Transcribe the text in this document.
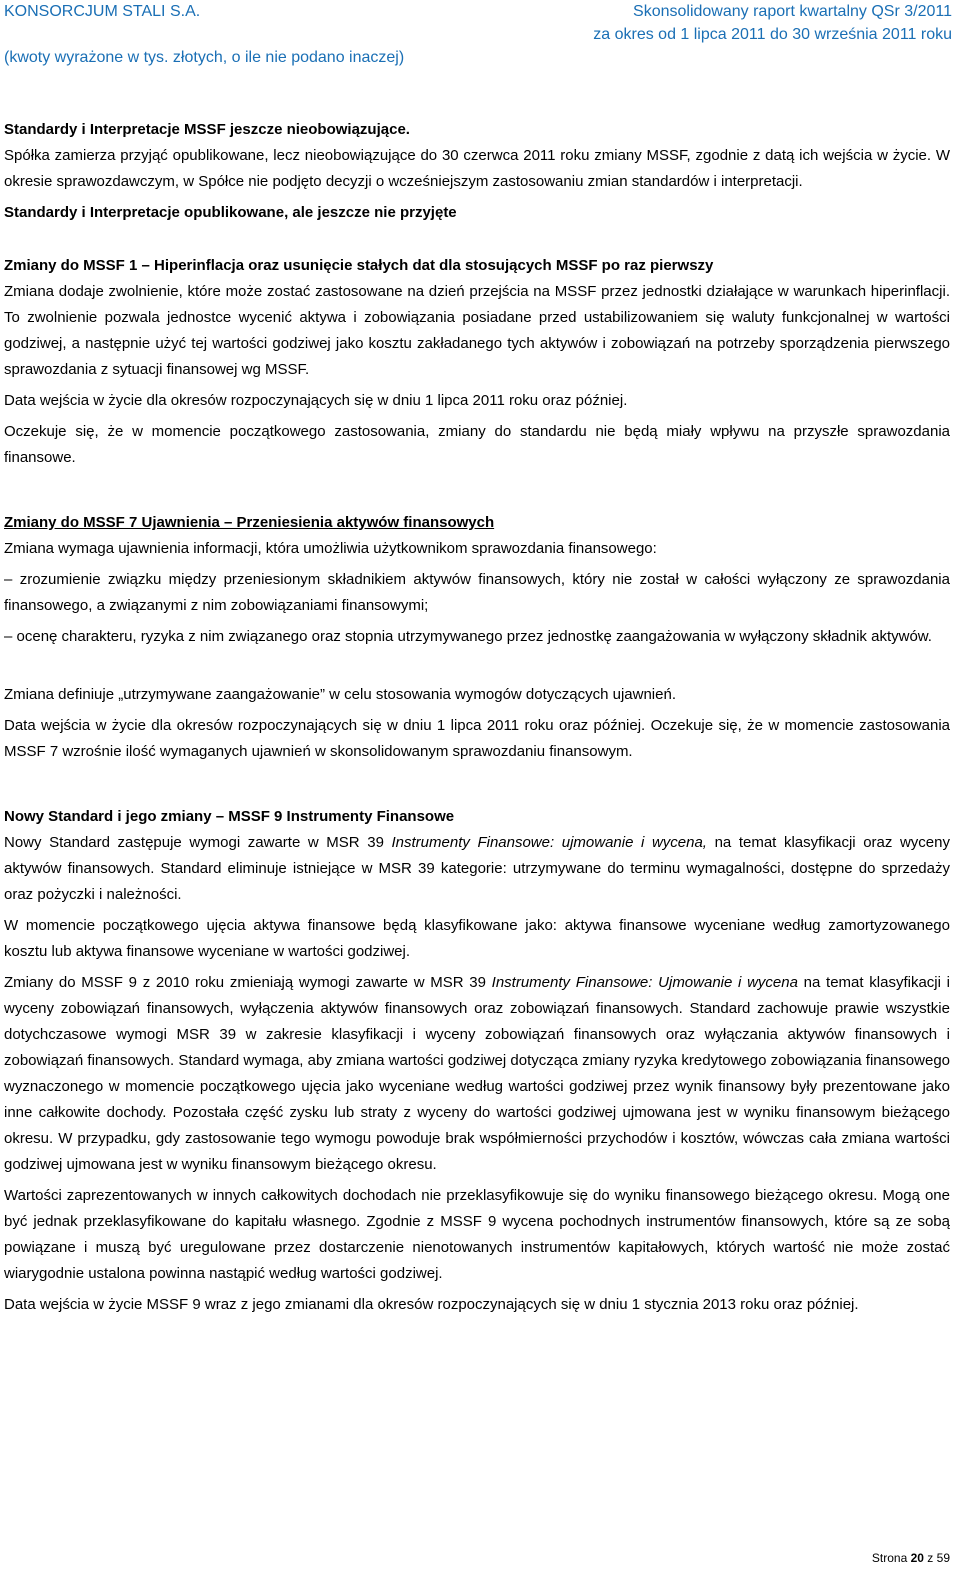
KONSORCJUM STALI S.A.
(kwoty wyrażone w tys. złotych, o ile nie podano inaczej)
Skonsolidowany raport kwartalny QSr 3/2011
za okres od 1 lipca 2011 do 30 września 2011 roku
Standardy i Interpretacje MSSF jeszcze nieobowiązujące.

Spółka zamierza przyjąć opublikowane, lecz nieobowiązujące do 30 czerwca 2011 roku zmiany MSSF, zgodnie z datą ich wejścia w życie. W okresie sprawozdawczym, w Spółce nie podjęto decyzji o wcześniejszym zastosowaniu zmian standardów i interpretacji.

Standardy i Interpretacje opublikowane, ale jeszcze nie przyjęte
Zmiany do MSSF 1 – Hiperinflacja oraz usunięcie stałych dat dla stosujących MSSF po raz pierwszy

Zmiana dodaje zwolnienie, które może zostać zastosowane na dzień przejścia na MSSF przez jednostki działające w warunkach hiperinflacji. To zwolnienie pozwala jednostce wycenić aktywa i zobowiązania posiadane przed ustabilizowaniem się waluty funkcjonalnej w wartości godziwej, a następnie użyć tej wartości godziwej jako kosztu zakładanego tych aktywów i zobowiązań na potrzeby sporządzenia pierwszego sprawozdania z sytuacji finansowej wg MSSF.

Data wejścia w życie dla okresów rozpoczynających się w dniu 1 lipca 2011 roku oraz później.

Oczekuje się, że w momencie początkowego zastosowania, zmiany do standardu nie będą miały wpływu na przyszłe sprawozdania finansowe.

Zmiany do MSSF 7 Ujawnienia – Przeniesienia aktywów finansowych

Zmiana wymaga ujawnienia informacji, która umożliwia użytkownikom sprawozdania finansowego:

– zrozumienie związku między przeniesionym składnikiem aktywów finansowych, który nie został w całości wyłączony ze sprawozdania finansowego, a związanymi z nim zobowiązaniami finansowymi;

– ocenę charakteru, ryzyka z nim związanego oraz stopnia utrzymywanego przez jednostkę zaangażowania w wyłączony składnik aktywów.

Zmiana definiuje „utrzymywane zaangażowanie” w celu stosowania wymogów dotyczących ujawnień.

Data wejścia w życie dla okresów rozpoczynających się w dniu 1 lipca 2011 roku oraz później. Oczekuje się, że w momencie zastosowania MSSF 7 wzrośnie ilość wymaganych ujawnień w skonsolidowanym sprawozdaniu finansowym.

Nowy Standard i jego zmiany – MSSF 9 Instrumenty Finansowe

Nowy Standard zastępuje wymogi zawarte w MSR 39 Instrumenty Finansowe: ujmowanie i wycena, na temat klasyfikacji oraz wyceny aktywów finansowych. Standard eliminuje istniejące w MSR 39 kategorie: utrzymywane do terminu wymagalności, dostępne do sprzedaży oraz pożyczki i należności.

W momencie początkowego ujęcia aktywa finansowe będą klasyfikowane jako: aktywa finansowe wyceniane według zamortyzowanego kosztu lub aktywa finansowe wyceniane w wartości godziwej.

Zmiany do MSSF 9 z 2010 roku zmieniają wymogi zawarte w MSR 39 Instrumenty Finansowe: Ujmowanie i wycena na temat klasyfikacji i wyceny zobowiązań finansowych, wyłączenia aktywów finansowych oraz zobowiązań finansowych. Standard zachowuje prawie wszystkie dotychczasowe wymogi MSR 39 w zakresie klasyfikacji i wyceny zobowiązań finansowych oraz wyłączania aktywów finansowych i zobowiązań finansowych. Standard wymaga, aby zmiana wartości godziwej dotycząca zmiany ryzyka kredytowego zobowiązania finansowego wyznaczonego w momencie początkowego ujęcia jako wyceniane według wartości godziwej przez wynik finansowy były prezentowane jako inne całkowite dochody. Pozostała część zysku lub straty z wyceny do wartości godziwej ujmowana jest w wyniku finansowym bieżącego okresu. W przypadku, gdy zastosowanie tego wymogu powoduje brak współmierności przychodów i kosztów, wówczas cała zmiana wartości godziwej ujmowana jest w wyniku finansowym bieżącego okresu.

Wartości zaprezentowanych w innych całkowitych dochodach nie przeklasyfikowuje się do wyniku finansowego bieżącego okresu. Mogą one być jednak przeklasyfikowane do kapitału własnego. Zgodnie z MSSF 9 wycena pochodnych instrumentów finansowych, które są ze sobą powiązane i muszą być uregulowane przez dostarczenie nienotowanych instrumentów kapitałowych, których wartość nie może zostać wiarygodnie ustalona powinna nastąpić według wartości godziwej.

Data wejścia w życie MSSF 9 wraz z jego zmianami dla okresów rozpoczynających się w dniu 1 stycznia 2013 roku oraz później.

Strona 20 z 59
